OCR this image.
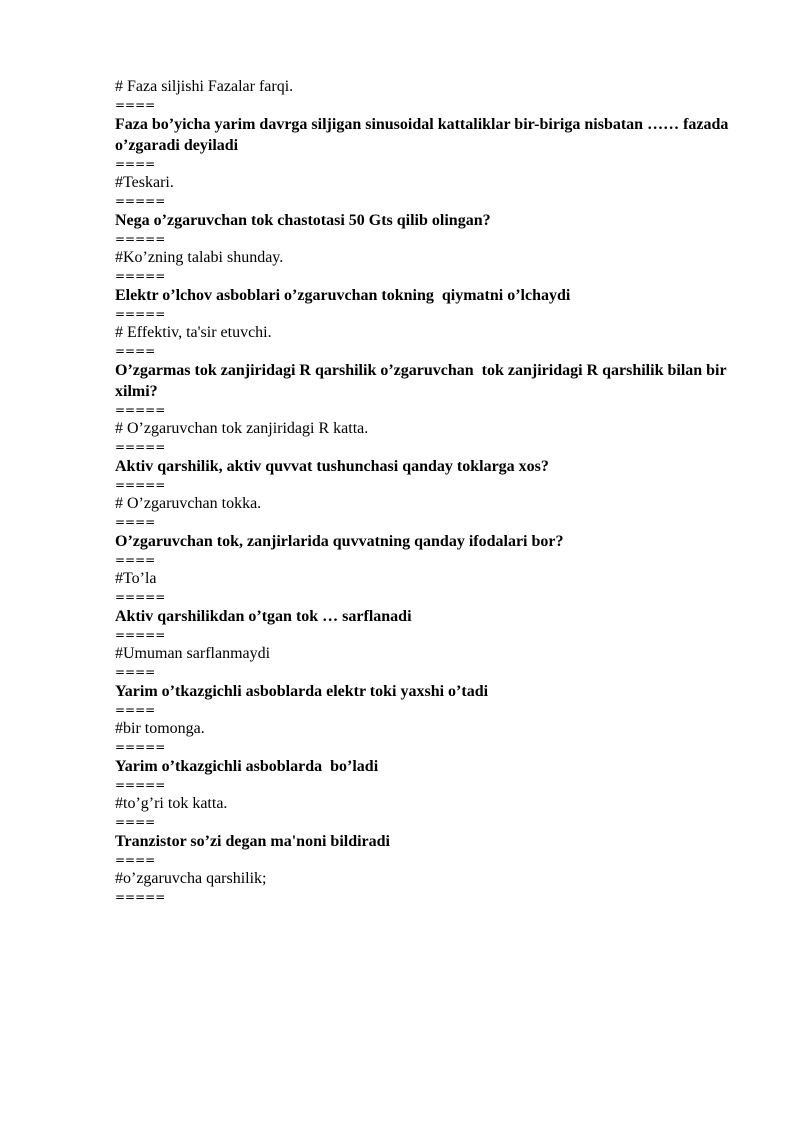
# Faza siljishi Fazalar farqi.
====
Faza bo’yicha yarim davrga siljigan sinusoidal kattaliklar bir-biriga nisbatan …… fazada o’zgaradi deyiladi
====
#Teskari.
=====
Nega o’zgaruvchan tok chastotasi 50 Gts qilib olingan?
=====
#Ko’zning talabi shunday.
=====
Elektr o’lchov asboblari o’zgaruvchan tokning  qiymatni o’lchaydi
=====
# Effektiv, ta'sir etuvchi.
====
O’zgarmas tok zanjiridagi R qarshilik o’zgaruvchan  tok zanjiridagi R qarshilik bilan bir xilmi?
=====
# O’zgaruvchan tok zanjiridagi R katta.
=====
Aktiv qarshilik, aktiv quvvat tushunchasi qanday toklarga xos?
=====
# O’zgaruvchan tokka.
====
O’zgaruvchan tok, zanjirlarida quvvatning qanday ifodalari bor?
====
#To’la
=====
Aktiv qarshilikdan o’tgan tok … sarflanadi
=====
#Umuman sarflanmaydi
====
Yarim o’tkazgichli asboblarda elektr toki yaxshi o’tadi
====
#bir tomonga.
=====
Yarim o’tkazgichli asboblarda  bo’ladi
=====
#to’g’ri tok katta.
====
Tranzistor so’zi degan ma'noni bildiradi
====
#o’zgaruvcha qarshilik;
=====
